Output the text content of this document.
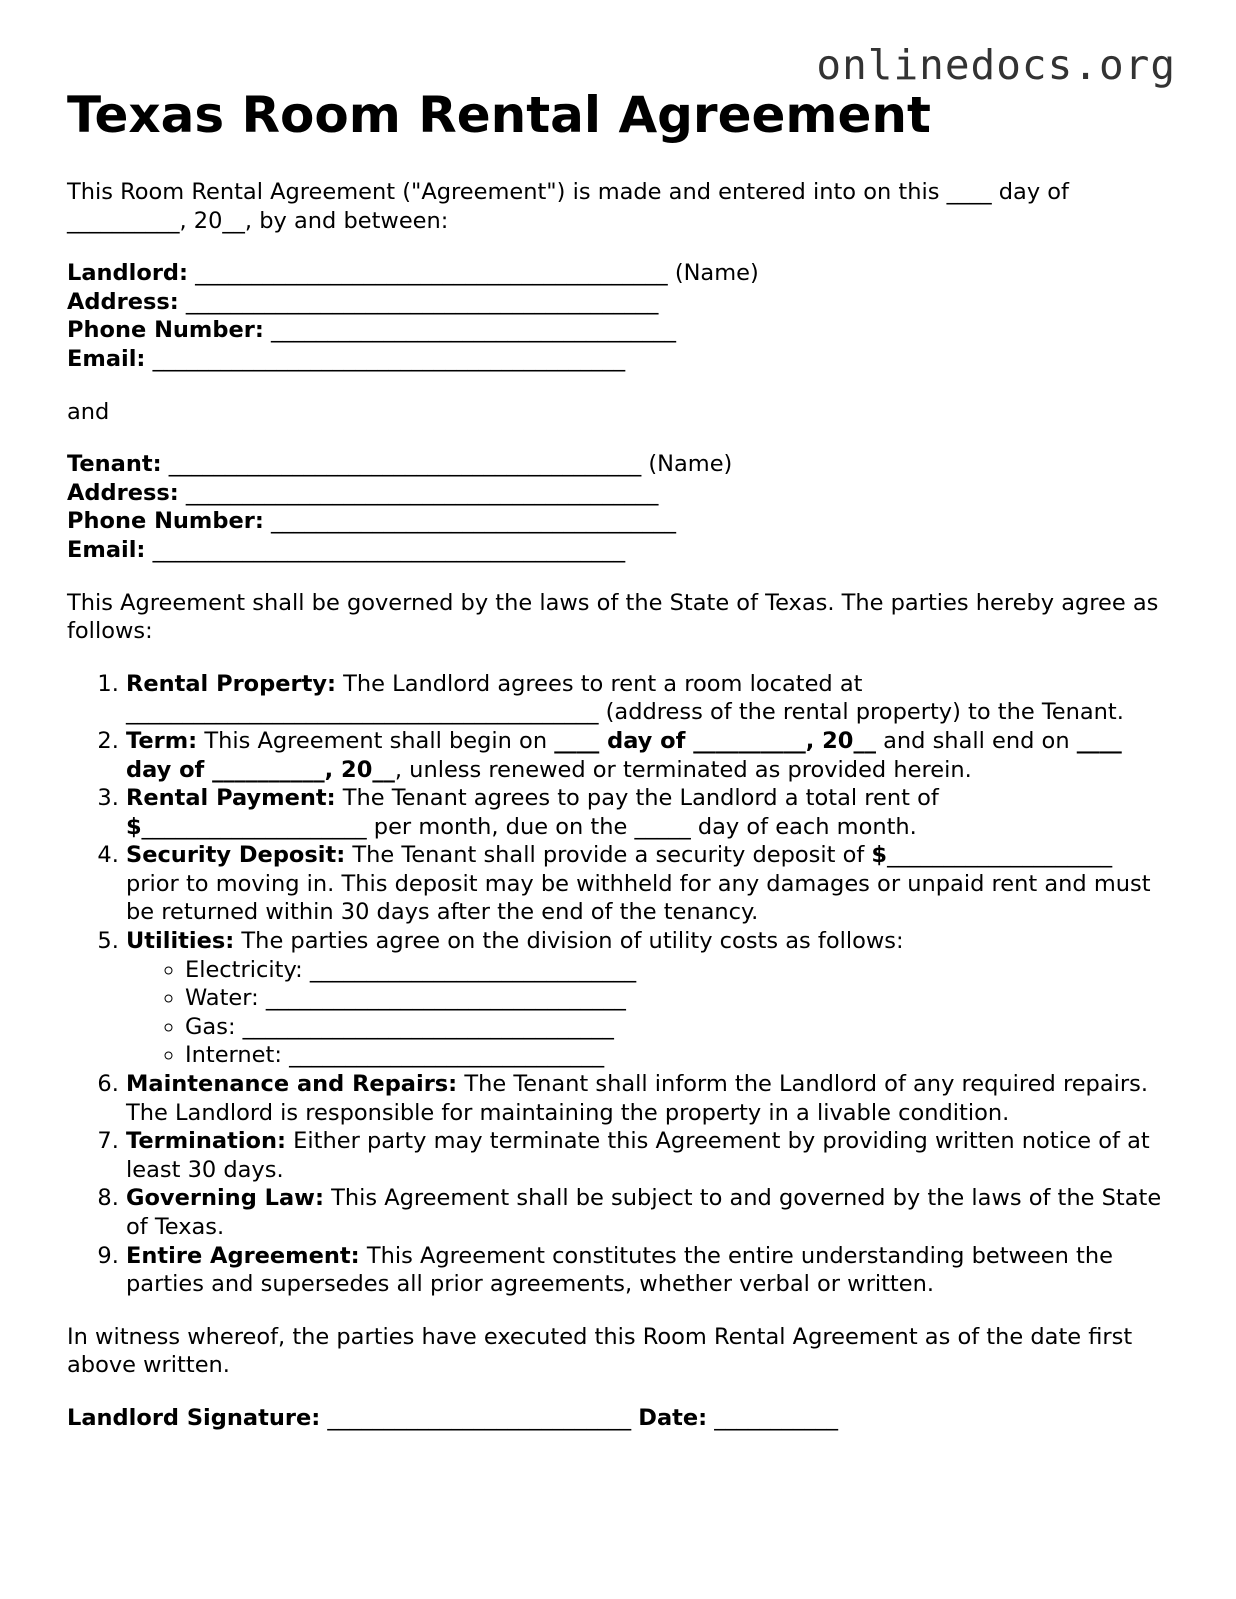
onlinedocs.org
Texas Room Rental Agreement

This Room Rental Agreement ("Agreement") is made and entered into on this ____ day of __________, 20__, by and between:

Landlord: __________________________________________ (Name)
Address: __________________________________________
Phone Number: ____________________________________
Email: __________________________________________

and

Tenant: __________________________________________ (Name)
Address: __________________________________________
Phone Number: ____________________________________
Email: __________________________________________

This Agreement shall be governed by the laws of the State of Texas. The parties hereby agree as follows:

1. Rental Property: The Landlord agrees to rent a room located at __________________________________________ (address of the rental property) to the Tenant.
2. Term: This Agreement shall begin on ____ day of __________, 20__ and shall end on ____ day of __________, 20__, unless renewed or terminated as provided herein.
3. Rental Payment: The Tenant agrees to pay the Landlord a total rent of $____________________ per month, due on the _____ day of each month.
4. Security Deposit: The Tenant shall provide a security deposit of $____________________ prior to moving in. This deposit may be withheld for any damages or unpaid rent and must be returned within 30 days after the end of the tenancy.
5. Utilities: The parties agree on the division of utility costs as follows:
◦ Electricity: _____________________________
◦ Water: ________________________________
◦ Gas: _________________________________
◦ Internet: ____________________________
6. Maintenance and Repairs: The Tenant shall inform the Landlord of any required repairs. The Landlord is responsible for maintaining the property in a livable condition.
7. Termination: Either party may terminate this Agreement by providing written notice of at least 30 days.
8. Governing Law: This Agreement shall be subject to and governed by the laws of the State of Texas.
9. Entire Agreement: This Agreement constitutes the entire understanding between the parties and supersedes all prior agreements, whether verbal or written.

In witness whereof, the parties have executed this Room Rental Agreement as of the date first above written.

Landlord Signature: ___________________________ Date: ___________
